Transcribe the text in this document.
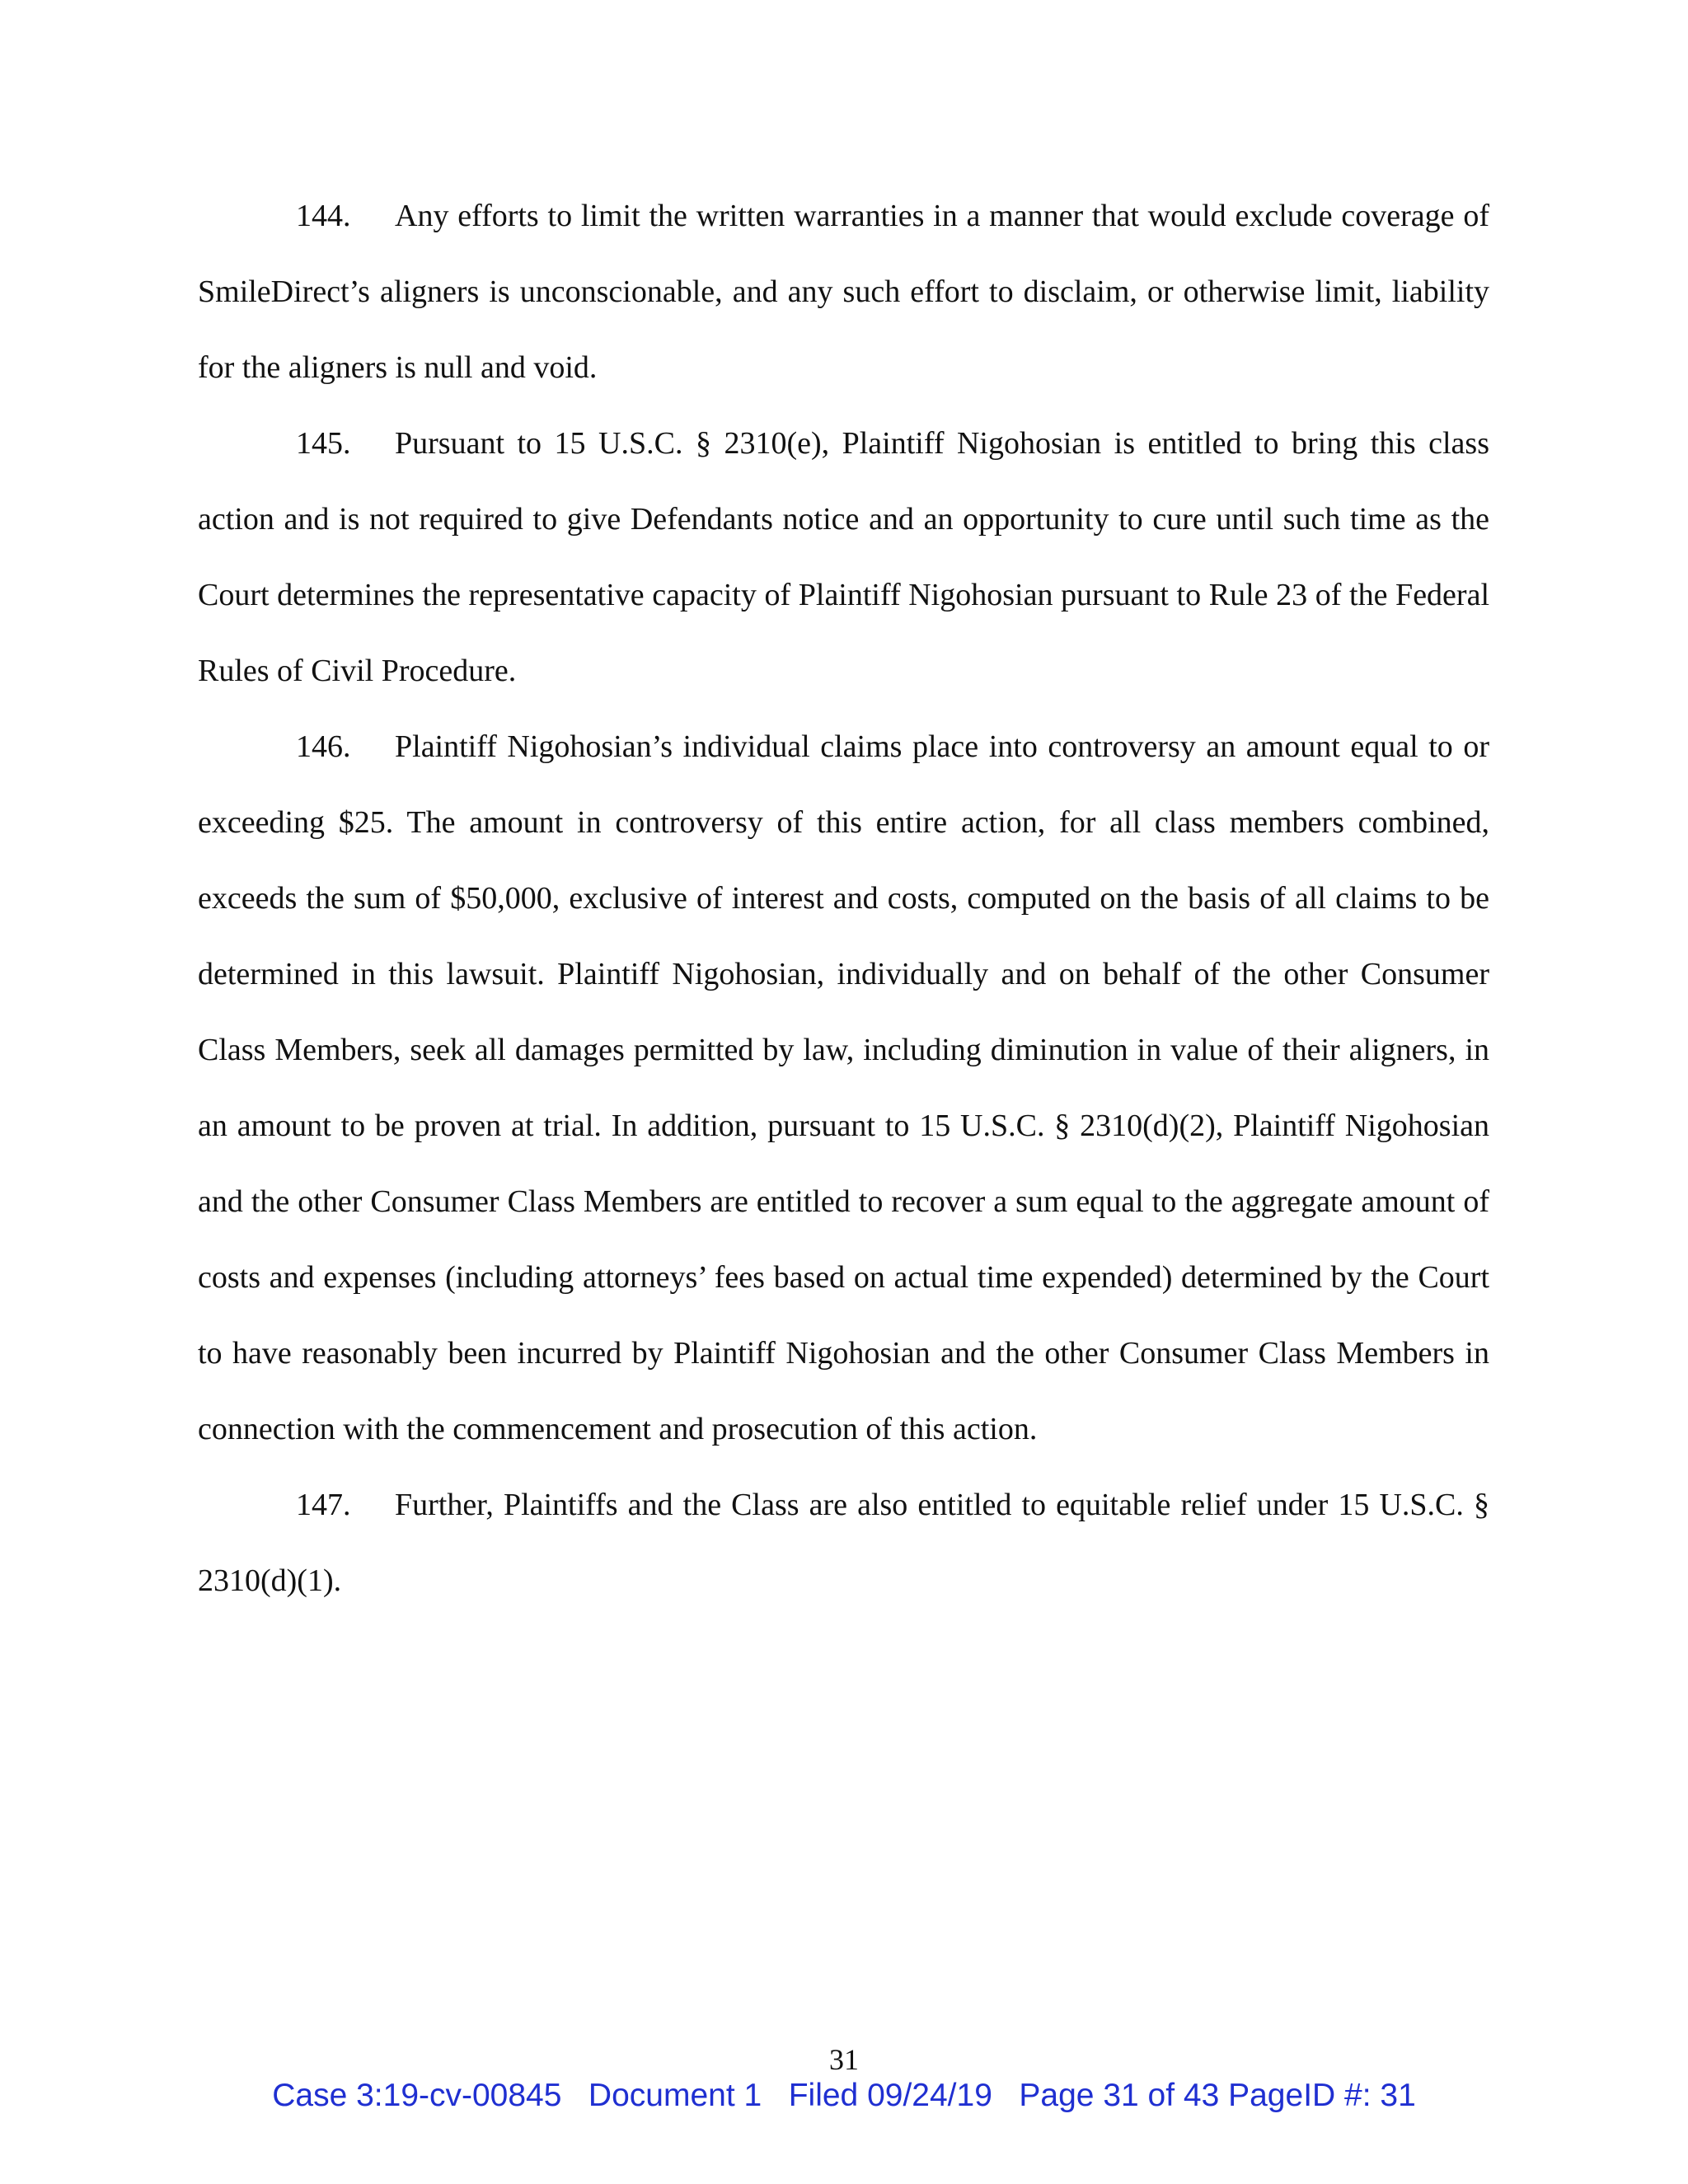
144. Any efforts to limit the written warranties in a manner that would exclude coverage of SmileDirect’s aligners is unconscionable, and any such effort to disclaim, or otherwise limit, liability for the aligners is null and void.

145. Pursuant to 15 U.S.C. § 2310(e), Plaintiff Nigohosian is entitled to bring this class action and is not required to give Defendants notice and an opportunity to cure until such time as the Court determines the representative capacity of Plaintiff Nigohosian pursuant to Rule 23 of the Federal Rules of Civil Procedure.

146. Plaintiff Nigohosian’s individual claims place into controversy an amount equal to or exceeding $25. The amount in controversy of this entire action, for all class members combined, exceeds the sum of $50,000, exclusive of interest and costs, computed on the basis of all claims to be determined in this lawsuit. Plaintiff Nigohosian, individually and on behalf of the other Consumer Class Members, seek all damages permitted by law, including diminution in value of their aligners, in an amount to be proven at trial. In addition, pursuant to 15 U.S.C. § 2310(d)(2), Plaintiff Nigohosian and the other Consumer Class Members are entitled to recover a sum equal to the aggregate amount of costs and expenses (including attorneys’ fees based on actual time expended) determined by the Court to have reasonably been incurred by Plaintiff Nigohosian and the other Consumer Class Members in connection with the commencement and prosecution of this action.

147. Further, Plaintiffs and the Class are also entitled to equitable relief under 15 U.S.C. § 2310(d)(1).

31
Case 3:19-cv-00845   Document 1   Filed 09/24/19   Page 31 of 43 PageID #: 31
